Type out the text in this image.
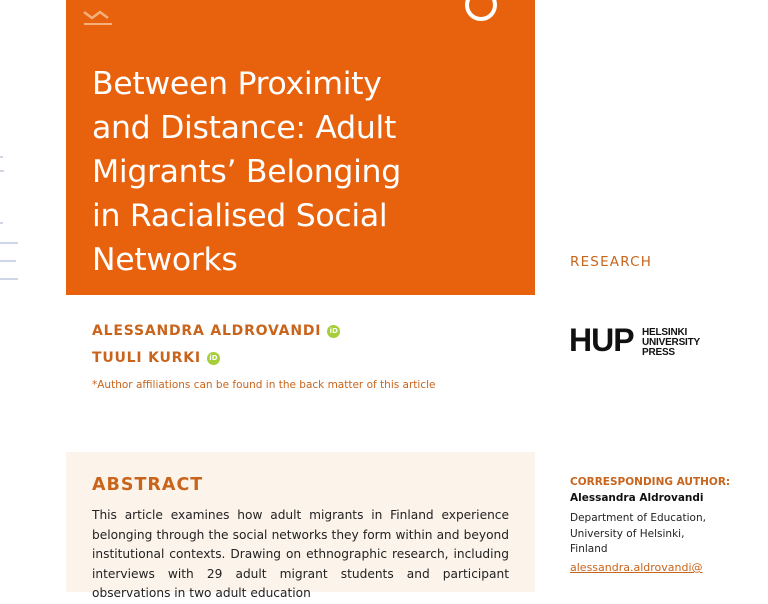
Between Proximity
and Distance: Adult
Migrants’ Belonging
in Racialised Social
Networks	RESEARCH
HUP HELSINKI
UNIVERSITY
PRESS
ALESSANDRA ALDROVANDI	iD
TUULI KURKI	iD
*Author affiliations can be found in the back matter of this article
ABSTRACT

This article examines how adult migrants in Finland experience belonging through the social networks they form within and beyond institutional contexts. Drawing on ethnographic research, including interviews with 29 adult migrant students and participant observations in two adult education

CORRESPONDING AUTHOR:
Alessandra Aldrovandi
Department of Education,
University of Helsinki,
Finland
alessandra.aldrovandi@
